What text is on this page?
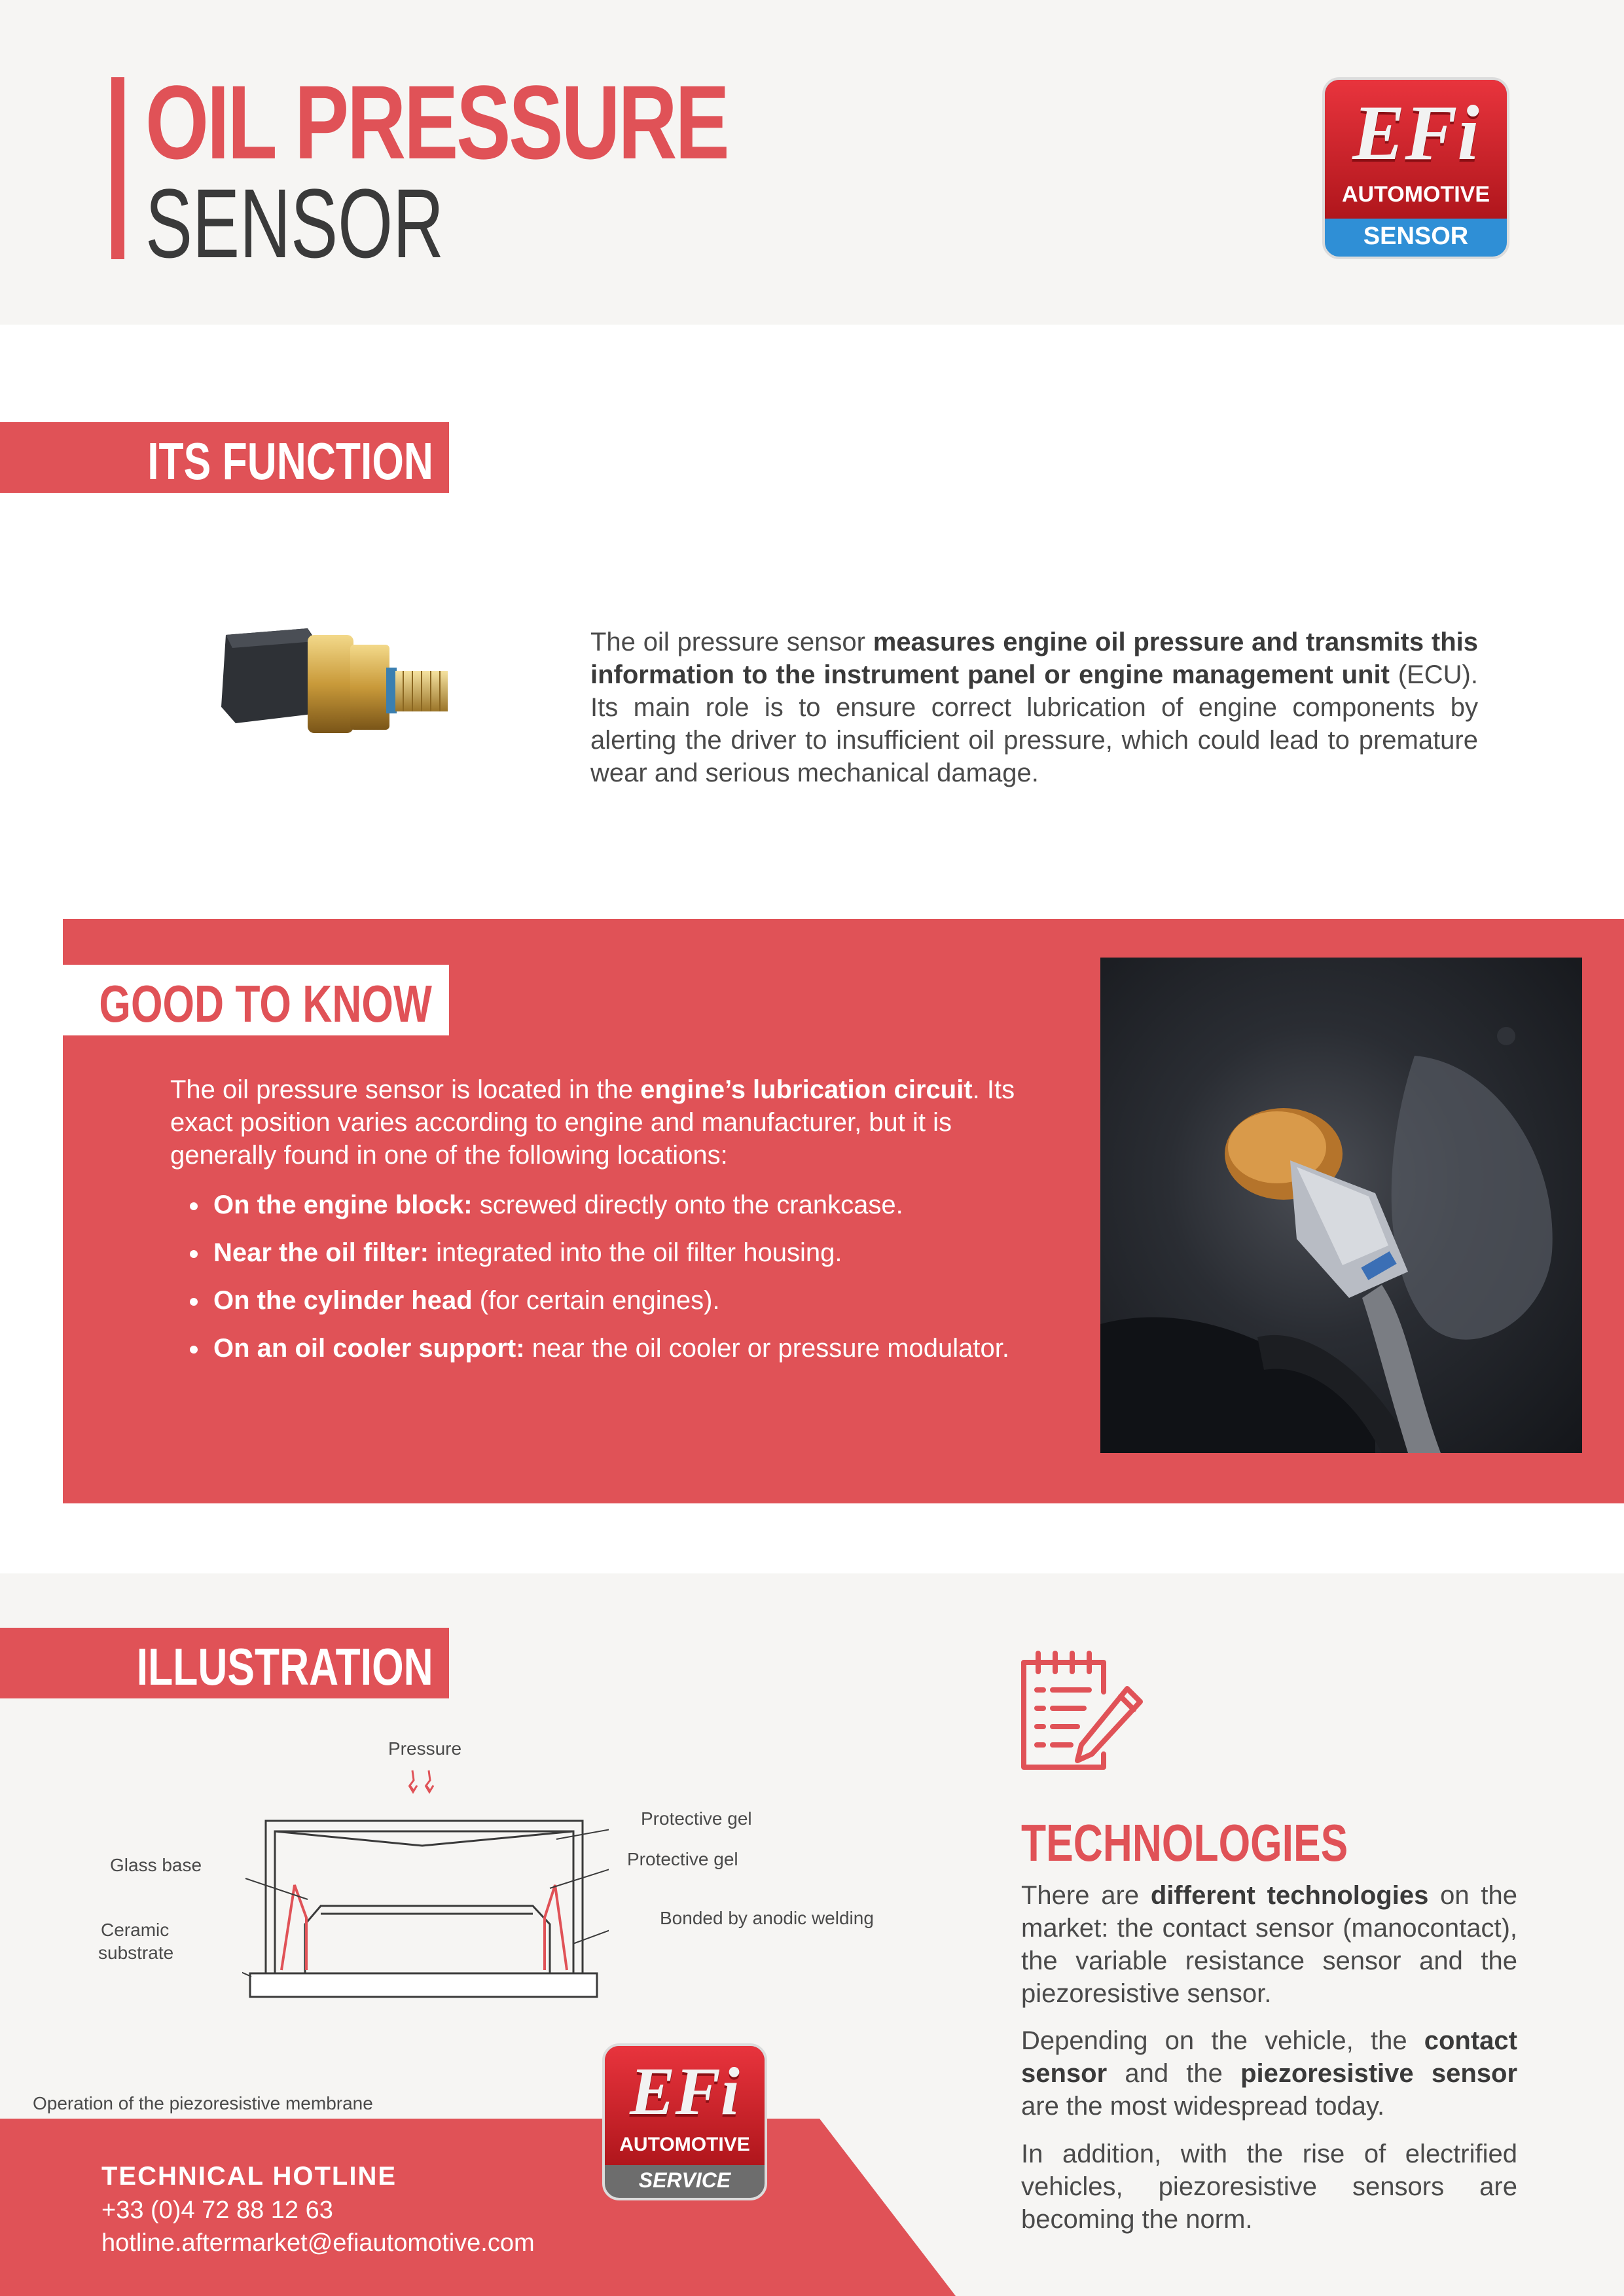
OIL PRESSURE
SENSOR
EFi
AUTOMOTIVE
SENSOR
ITS FUNCTION
The oil pressure sensor measures engine oil pressure and transmits this information to the instrument panel or engine management unit (ECU). Its main role is to ensure correct lubrication of engine components by alerting the driver to insufficient oil pressure, which could lead to premature wear and serious mechanical damage.
GOOD TO KNOW
The oil pressure sensor is located in the engine’s lubrication circuit. Its exact position varies according to engine and manufacturer, but it is generally found in one of the following locations:
On the engine block: screwed directly onto the crankcase.
Near the oil filter: integrated into the oil filter housing.
On the cylinder head (for certain engines).
On an oil cooler support: near the oil cooler or pressure modulator.
ILLUSTRATION
Pressure
Glass base
Ceramic
substrate
Protective gel
Protective gel
Bonded by anodic welding
Operation of the piezoresistive membrane
TECHNICAL HOTLINE
+33 (0)4 72 88 12 63
hotline.aftermarket@efiautomotive.com
EFi
AUTOMOTIVE
SERVICE
TECHNOLOGIES
There are different technologies on the market: the contact sensor (manocontact), the variable resistance sensor and the piezoresistive sensor.
Depending on the vehicle, the contact sensor and the piezoresistive sensor are the most widespread today.
In addition, with the rise of electrified vehicles, piezoresistive sensors are becoming the norm.
